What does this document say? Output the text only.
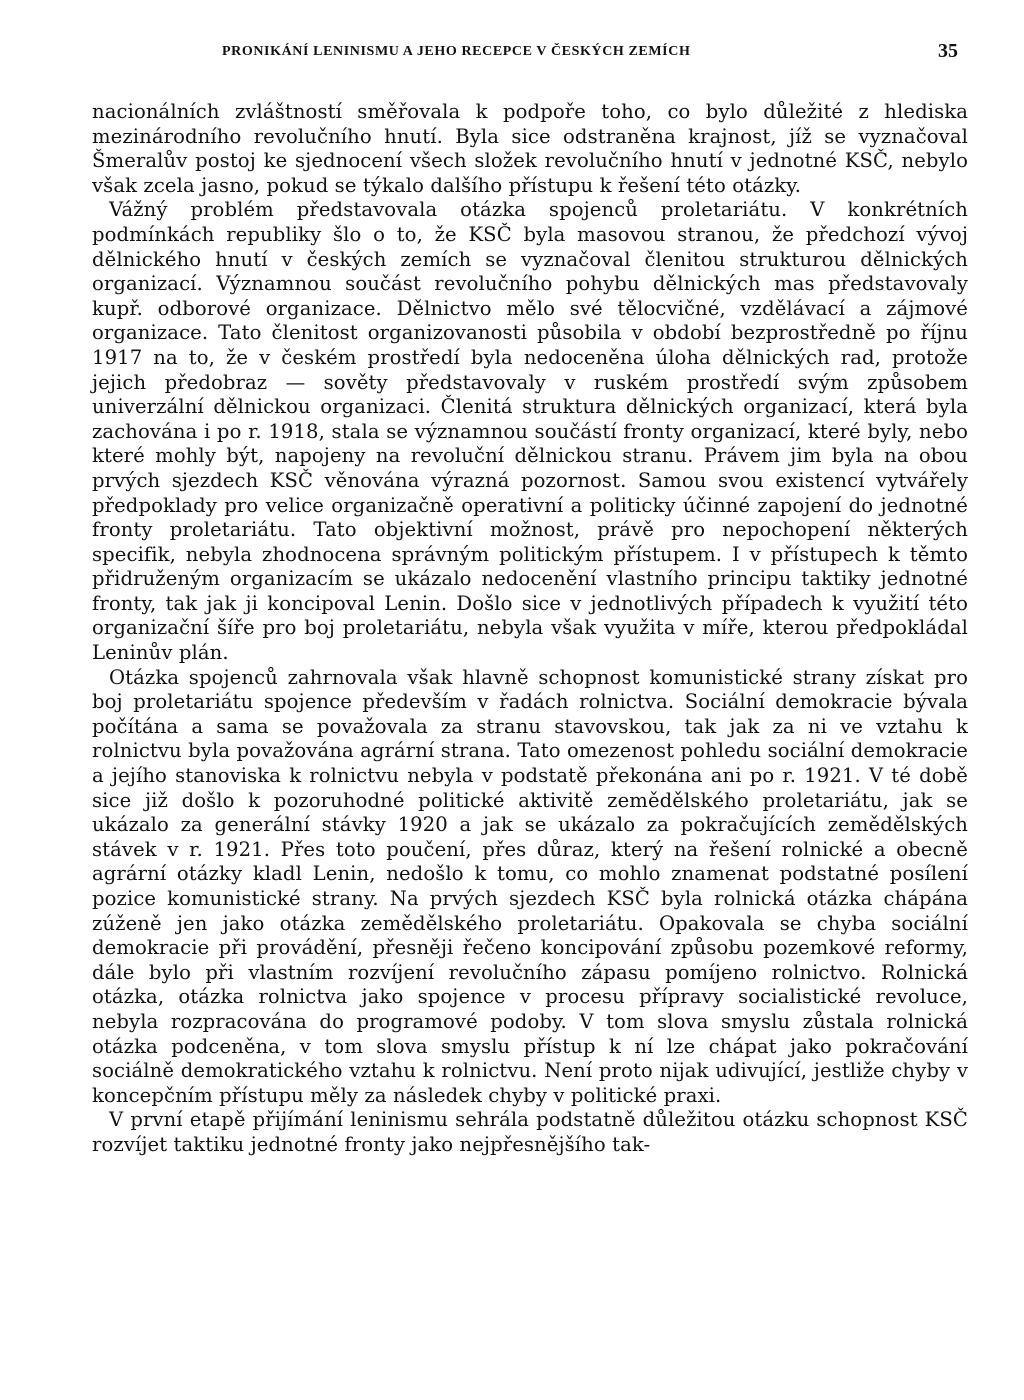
PRONIKÁNÍ LENINISMU A JEHO RECEPCE V ČESKÝCH ZEMÍCH	35

nacionálních zvláštností směřovala k podpoře toho, co bylo důležité z hlediska mezinárodního revolučního hnutí. Byla sice odstraněna krajnost, jíž se vyznačoval Šmeralův postoj ke sjednocení všech složek revolučního hnutí v jednotné KSČ, nebylo však zcela jasno, pokud se týkalo dalšího přístupu k řešení této otázky.

Vážný problém představovala otázka spojenců proletariátu. V konkrétních podmínkách republiky šlo o to, že KSČ byla masovou stranou, že předchozí vývoj dělnického hnutí v českých zemích se vyznačoval členitou strukturou dělnických organizací. Významnou součást revolučního pohybu dělnických mas představovaly kupř. odborové organizace. Dělnictvo mělo své tělocvičné, vzdělávací a zájmové organizace. Tato členitost organizovanosti působila v období bezprostředně po říjnu 1917 na to, že v českém prostředí byla nedoceněna úloha dělnických rad, protože jejich předobraz — sověty představovaly v ruském prostředí svým způsobem univerzální dělnickou organizaci. Členitá struktura dělnických organizací, která byla zachována i po r. 1918, stala se významnou součástí fronty organizací, které byly, nebo které mohly být, napojeny na revoluční dělnickou stranu. Právem jim byla na obou prvých sjezdech KSČ věnována výrazná pozornost. Samou svou existencí vytvářely předpoklady pro velice organizačně operativní a politicky účinné zapojení do jednotné fronty proletariátu. Tato objektivní možnost, právě pro nepochopení některých specifik, nebyla zhodnocena správným politickým přístupem. I v přístupech k těmto přidruženým organizacím se ukázalo nedocenění vlastního principu taktiky jednotné fronty, tak jak ji koncipoval Lenin. Došlo sice v jednotlivých případech k využití této organizační šíře pro boj proletariátu, nebyla však využita v míře, kterou předpokládal Leninův plán.

Otázka spojenců zahrnovala však hlavně schopnost komunistické strany získat pro boj proletariátu spojence především v řadách rolnictva. Sociální demokracie bývala počítána a sama se považovala za stranu stavovskou, tak jak za ni ve vztahu k rolnictvu byla považována agrární strana. Tato omezenost pohledu sociální demokracie a jejího stanoviska k rolnictvu nebyla v podstatě překonána ani po r. 1921. V té době sice již došlo k pozoruhodné politické aktivitě zemědělského proletariátu, jak se ukázalo za generální stávky 1920 a jak se ukázalo za pokračujících zemědělských stávek v r. 1921. Přes toto poučení, přes důraz, který na řešení rolnické a obecně agrární otázky kladl Lenin, nedošlo k tomu, co mohlo znamenat podstatné posílení pozice komunistické strany. Na prvých sjezdech KSČ byla rolnická otázka chápána zúženě jen jako otázka zemědělského proletariátu. Opakovala se chyba sociální demokracie při provádění, přesněji řečeno koncipování způsobu pozemkové reformy, dále bylo při vlastním rozvíjení revolučního zápasu pomíjeno rolnictvo. Rolnická otázka, otázka rolnictva jako spojence v procesu přípravy socialistické revoluce, nebyla rozpracována do programové podoby. V tom slova smyslu zůstala rolnická otázka podceněna, v tom slova smyslu přístup k ní lze chápat jako pokračování sociálně demokratického vztahu k rolnictvu. Není proto nijak udivující, jestliže chyby v koncepčním přístupu měly za následek chyby v politické praxi.

V první etapě přijímání leninismu sehrála podstatně důležitou otázku schopnost KSČ rozvíjet taktiku jednotné fronty jako nejpřesnějšího tak-
